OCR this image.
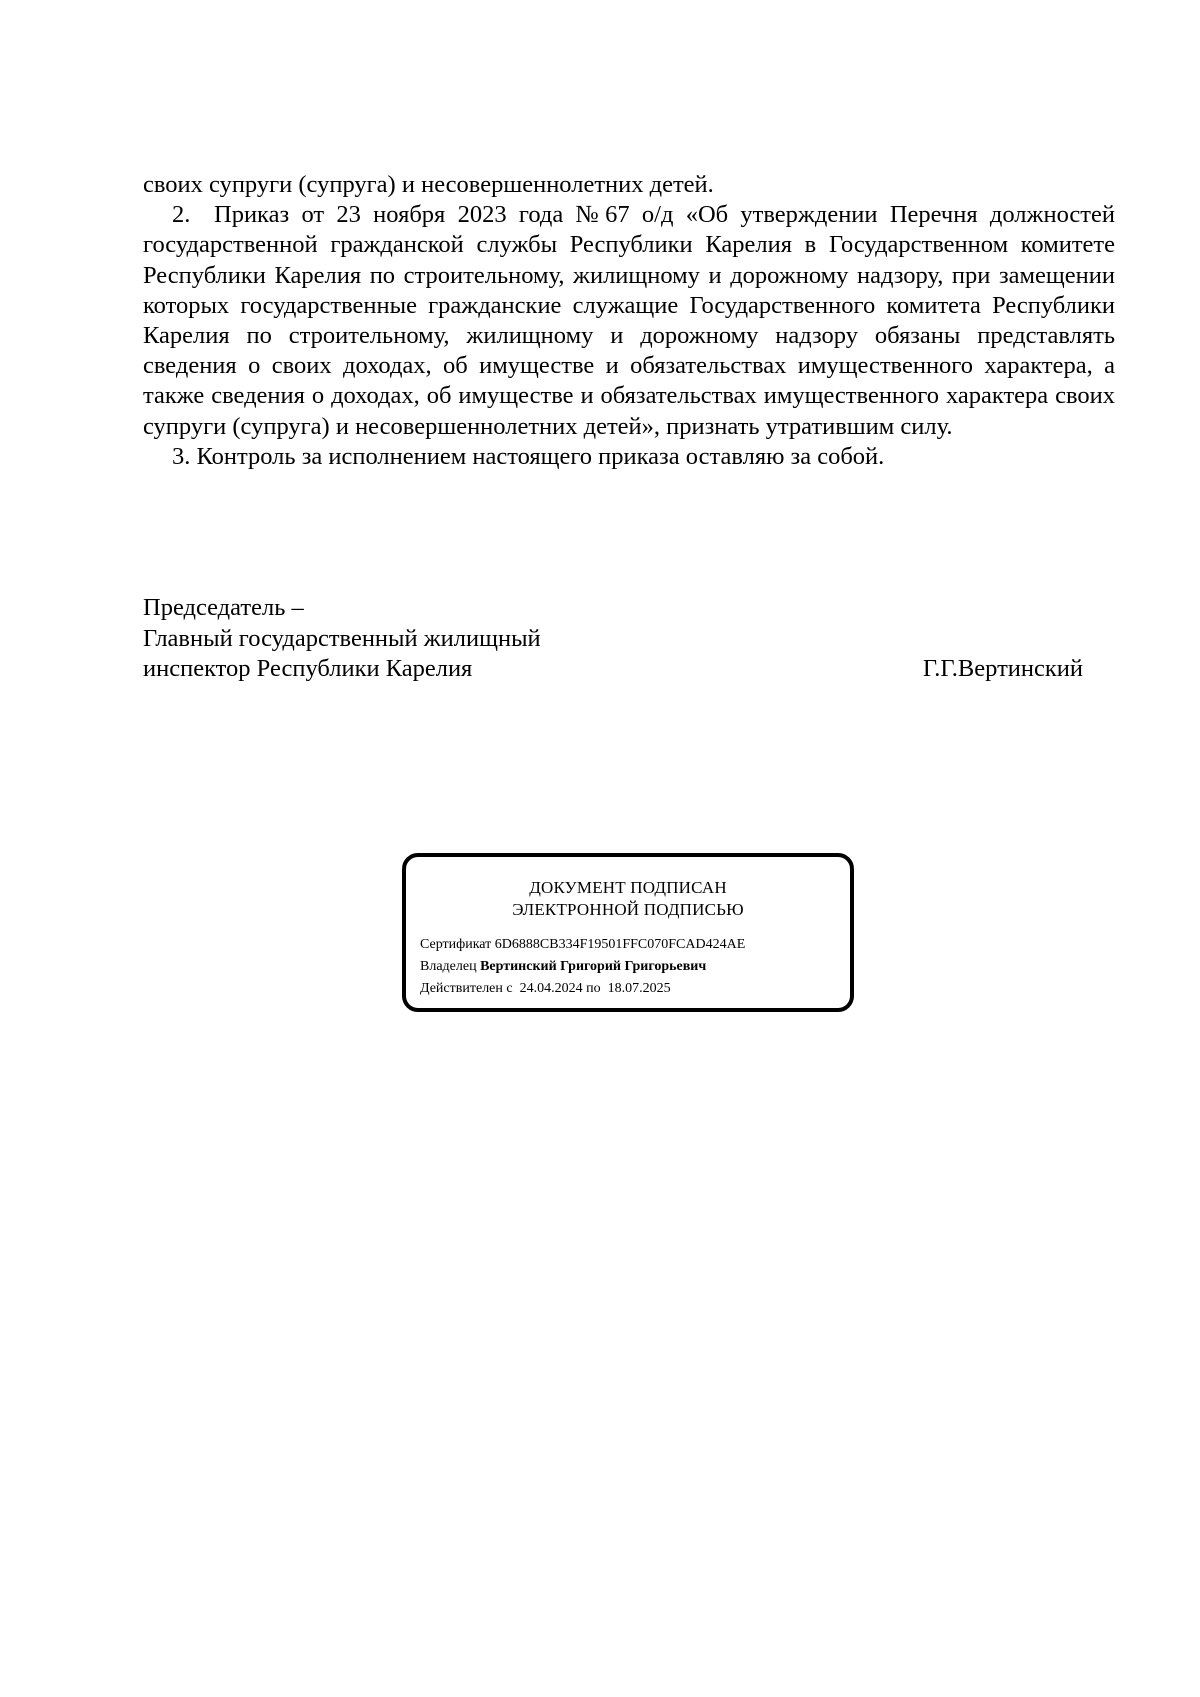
своих супруги (супруга) и несовершеннолетних детей.

2. Приказ от 23 ноября 2023 года №67 о/д «Об утверждении Перечня должностей государственной гражданской службы Республики Карелия в Государственном комитете Республики Карелия по строительному, жилищному и дорожному надзору, при замещении которых государственные гражданские служащие Государственного комитета Республики Карелия по строительному, жилищному и дорожному надзору обязаны представлять сведения о своих доходах, об имуществе и обязательствах имущественного характера, а также сведения о доходах, об имуществе и обязательствах имущественного характера своих супруги (супруга) и несовершеннолетних детей», признать утратившим силу.

3. Контроль за исполнением настоящего приказа оставляю за собой.

Председатель –
Главный государственный жилищный
инспектор Республики Карелия	Г.Г.Вертинский
ДОКУМЕНТ ПОДПИСАН
ЭЛЕКТРОННОЙ ПОДПИСЬЮ
Сертификат 6D6888CB334F19501FFC070FCAD424AE
Владелец Вертинский Григорий Григорьевич
Действителен с 24.04.2024 по 18.07.2025
